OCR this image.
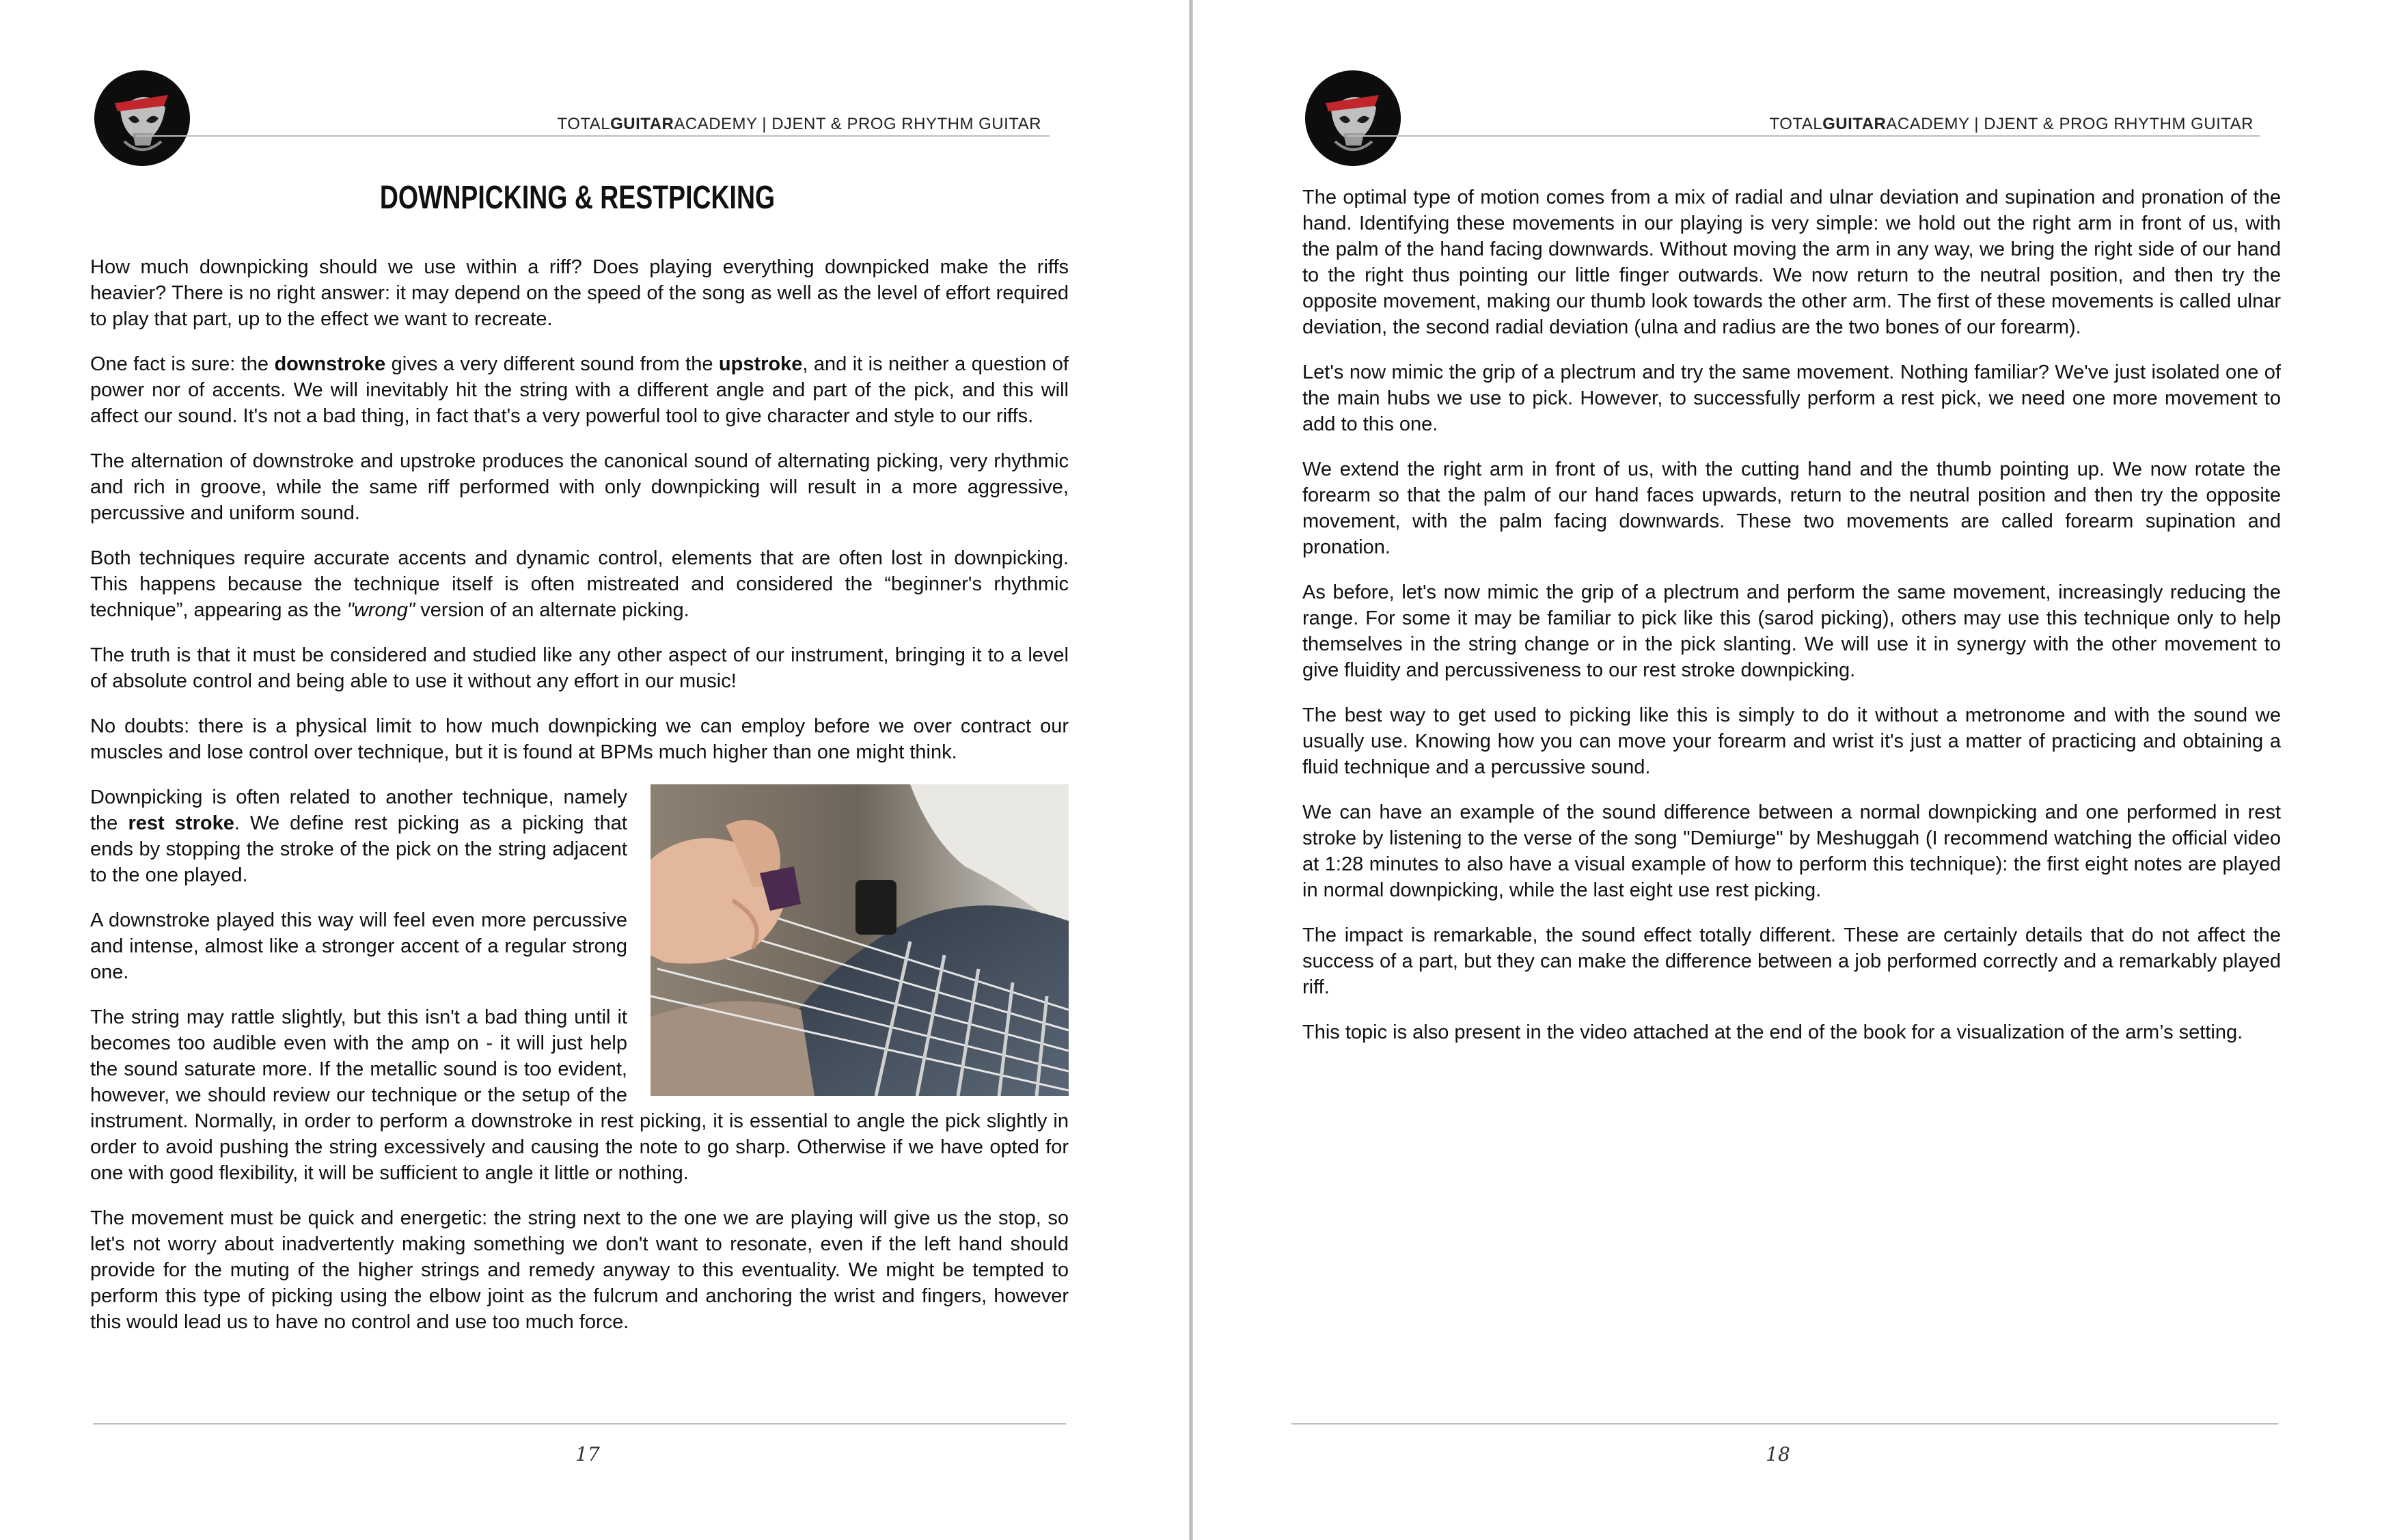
TOTALGUITARACADEMY | DJENT & PROG RHYTHM GUITAR
DOWNPICKING & RESTPICKING

How much downpicking should we use within a riff? Does playing everything downpicked make the riffs heavier? There is no right answer: it may depend on the speed of the song as well as the level of effort required to play that part, up to the effect we want to recreate.

One fact is sure: the downstroke gives a very different sound from the upstroke, and it is neither a question of power nor of accents. We will inevitably hit the string with a different angle and part of the pick, and this will affect our sound. It's not a bad thing, in fact that's a very powerful tool to give character and style to our riffs.

The alternation of downstroke and upstroke produces the canonical sound of alternating picking, very rhythmic and rich in groove, while the same riff performed with only downpicking will result in a more aggressive, percussive and uniform sound.

Both techniques require accurate accents and dynamic control, elements that are often lost in downpicking. This happens because the technique itself is often mistreated and considered the “beginner's rhythmic technique”, appearing as the "wrong" version of an alternate picking.

The truth is that it must be considered and studied like any other aspect of our instrument, bringing it to a level of absolute control and being able to use it without any effort in our music!

No doubts: there is a physical limit to how much downpicking we can employ before we over contract our muscles and lose control over technique, but it is found at BPMs much higher than one might think.

Downpicking is often related to another technique, namely the rest stroke. We define rest picking as a picking that ends by stopping the stroke of the pick on the string adjacent to the one played.

A downstroke played this way will feel even more percussive and intense, almost like a stronger accent of a regular strong one.

The string may rattle slightly, but this isn't a bad thing until it becomes too audible even with the amp on - it will just help the sound saturate more. If the metallic sound is too evident, however, we should review our technique or the setup of the instrument. Normally, in order to perform a downstroke in rest picking, it is essential to angle the pick slightly in order to avoid pushing the string excessively and causing the note to go sharp. Otherwise if we have opted for one with good flexibility, it will be sufficient to angle it little or nothing.

The movement must be quick and energetic: the string next to the one we are playing will give us the stop, so let's not worry about inadvertently making something we don't want to resonate, even if the left hand should provide for the muting of the higher strings and remedy anyway to this eventuality. We might be tempted to perform this type of picking using the elbow joint as the fulcrum and anchoring the wrist and fingers, however this would lead us to have no control and use too much force.

17
TOTALGUITARACADEMY | DJENT & PROG RHYTHM GUITAR

The optimal type of motion comes from a mix of radial and ulnar deviation and supination and pronation of the hand. Identifying these movements in our playing is very simple: we hold out the right arm in front of us, with the palm of the hand facing downwards. Without moving the arm in any way, we bring the right side of our hand to the right thus pointing our little finger outwards. We now return to the neutral position, and then try the opposite movement, making our thumb look towards the other arm. The first of these movements is called ulnar deviation, the second radial deviation (ulna and radius are the two bones of our forearm).

Let's now mimic the grip of a plectrum and try the same movement. Nothing familiar? We've just isolated one of the main hubs we use to pick. However, to successfully perform a rest pick, we need one more movement to add to this one.

We extend the right arm in front of us, with the cutting hand and the thumb pointing up. We now rotate the forearm so that the palm of our hand faces upwards, return to the neutral position and then try the opposite movement, with the palm facing downwards. These two movements are called forearm supination and pronation.

As before, let's now mimic the grip of a plectrum and perform the same movement, increasingly reducing the range. For some it may be familiar to pick like this (sarod picking), others may use this technique only to help themselves in the string change or in the pick slanting. We will use it in synergy with the other movement to give fluidity and percussiveness to our rest stroke downpicking.

The best way to get used to picking like this is simply to do it without a metronome and with the sound we usually use. Knowing how you can move your forearm and wrist it's just a matter of practicing and obtaining a fluid technique and a percussive sound.

We can have an example of the sound difference between a normal downpicking and one performed in rest stroke by listening to the verse of the song "Demiurge" by Meshuggah (I recommend watching the official video at 1:28 minutes to also have a visual example of how to perform this technique): the first eight notes are played in normal downpicking, while the last eight use rest picking.

The impact is remarkable, the sound effect totally different. These are certainly details that do not affect the success of a part, but they can make the difference between a job performed correctly and a remarkably played riff.

This topic is also present in the video attached at the end of the book for a visualization of the arm’s setting.

18
